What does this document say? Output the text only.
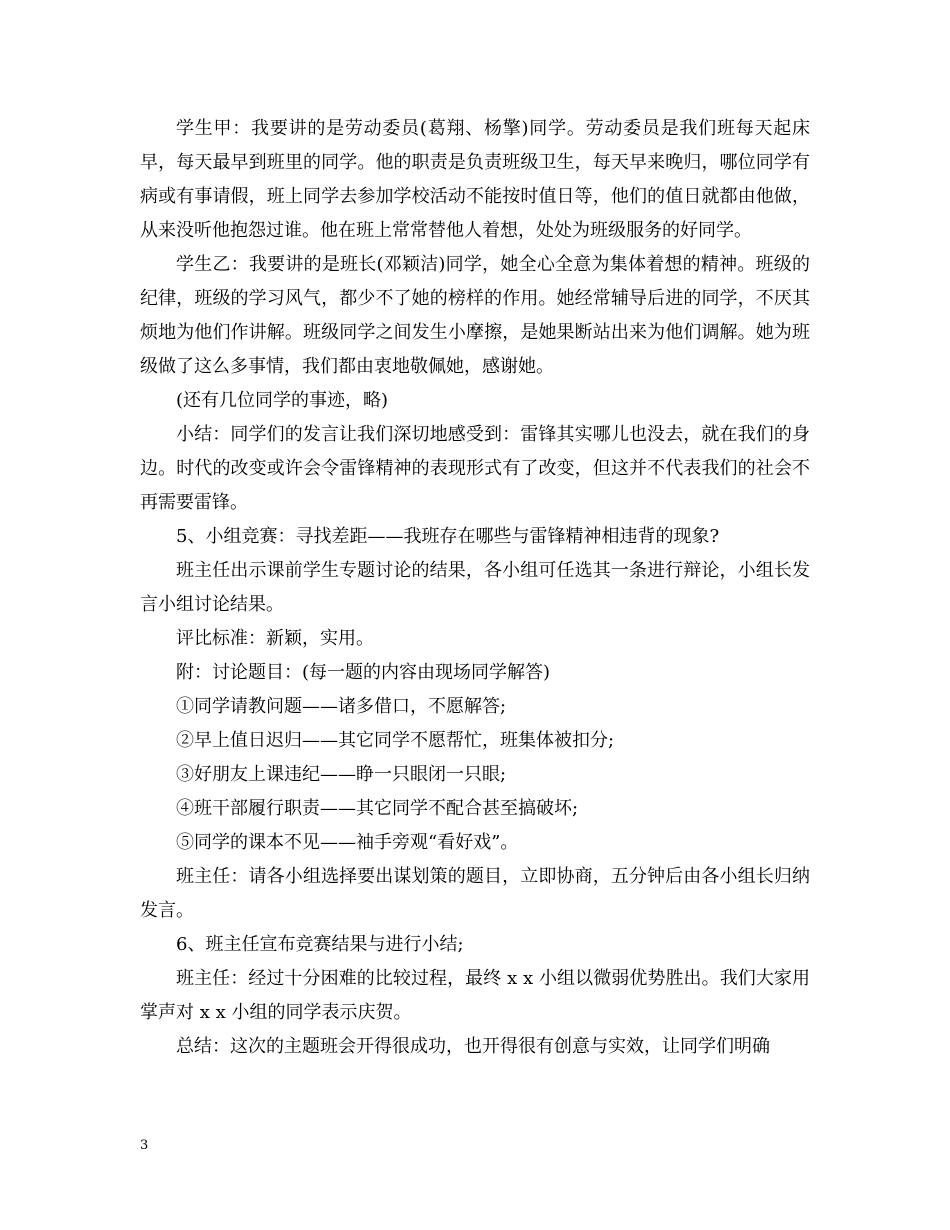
学生甲：我要讲的是劳动委员(葛翔、杨擎)同学。劳动委员是我们班每天起床早，每天最早到班里的同学。他的职责是负责班级卫生，每天早来晚归，哪位同学有病或有事请假，班上同学去参加学校活动不能按时值日等，他们的值日就都由他做，从来没听他抱怨过谁。他在班上常常替他人着想，处处为班级服务的好同学。

学生乙：我要讲的是班长(邓颖洁)同学，她全心全意为集体着想的精神。班级的纪律，班级的学习风气，都少不了她的榜样的作用。她经常辅导后进的同学，不厌其烦地为他们作讲解。班级同学之间发生小摩擦，是她果断站出来为他们调解。她为班级做了这么多事情，我们都由衷地敬佩她，感谢她。

(还有几位同学的事迹，略)

小结：同学们的发言让我们深切地感受到：雷锋其实哪儿也没去，就在我们的身边。时代的改变或许会令雷锋精神的表现形式有了改变，但这并不代表我们的社会不再需要雷锋。

5、小组竞赛：寻找差距——我班存在哪些与雷锋精神相违背的现象?

班主任出示课前学生专题讨论的结果，各小组可任选其一条进行辩论，小组长发言小组讨论结果。

评比标准：新颖，实用。

附：讨论题目：(每一题的内容由现场同学解答)

①同学请教问题——诸多借口，不愿解答;

②早上值日迟归——其它同学不愿帮忙，班集体被扣分;

③好朋友上课违纪——睁一只眼闭一只眼;

④班干部履行职责——其它同学不配合甚至搞破坏;

⑤同学的课本不见——袖手旁观“看好戏”。

班主任：请各小组选择要出谋划策的题目，立即协商，五分钟后由各小组长归纳发言。

6、班主任宣布竞赛结果与进行小结;

班主任：经过十分困难的比较过程，最终 x x 小组以微弱优势胜出。我们大家用掌声对 x x 小组的同学表示庆贺。

总结：这次的主题班会开得很成功，也开得很有创意与实效，让同学们明确

3
